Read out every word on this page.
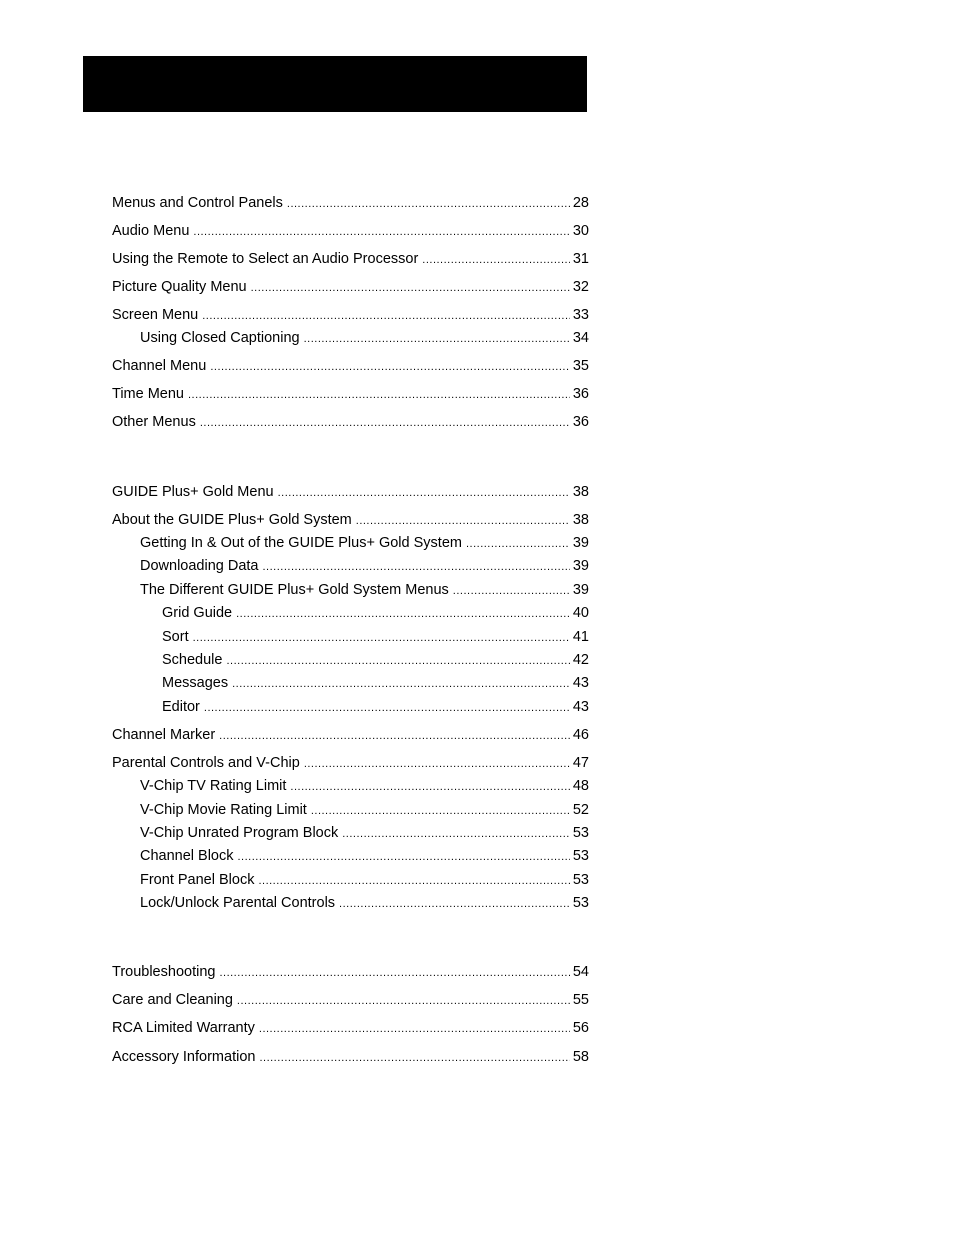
Menus and Control Panels .....	28
Audio Menu .....	30
Using the Remote to Select an Audio Processor .....	31
Picture Quality Menu .....	32
Screen Menu .....	33
Using Closed Captioning .....	34
Channel Menu .....	35
Time Menu .....	36
Other Menus .....	36
GUIDE Plus+ Gold Menu .....	38
About the GUIDE Plus+ Gold System .....	38
Getting In & Out of the GUIDE Plus+ Gold System .....	39
Downloading Data .....	39
The Different GUIDE Plus+ Gold System Menus .....	39
Grid Guide .....	40
Sort .....	41
Schedule .....	42
Messages .....	43
Editor .....	43
Channel Marker .....	46
Parental Controls and V-Chip .....	47
V-Chip TV Rating Limit .....	48
V-Chip Movie Rating Limit .....	52
V-Chip Unrated Program Block .....	53
Channel Block .....	53
Front Panel Block .....	53
Lock/Unlock Parental Controls .....	53
Troubleshooting .....	54
Care and Cleaning .....	55
RCA Limited Warranty .....	56
Accessory Information .....	58
